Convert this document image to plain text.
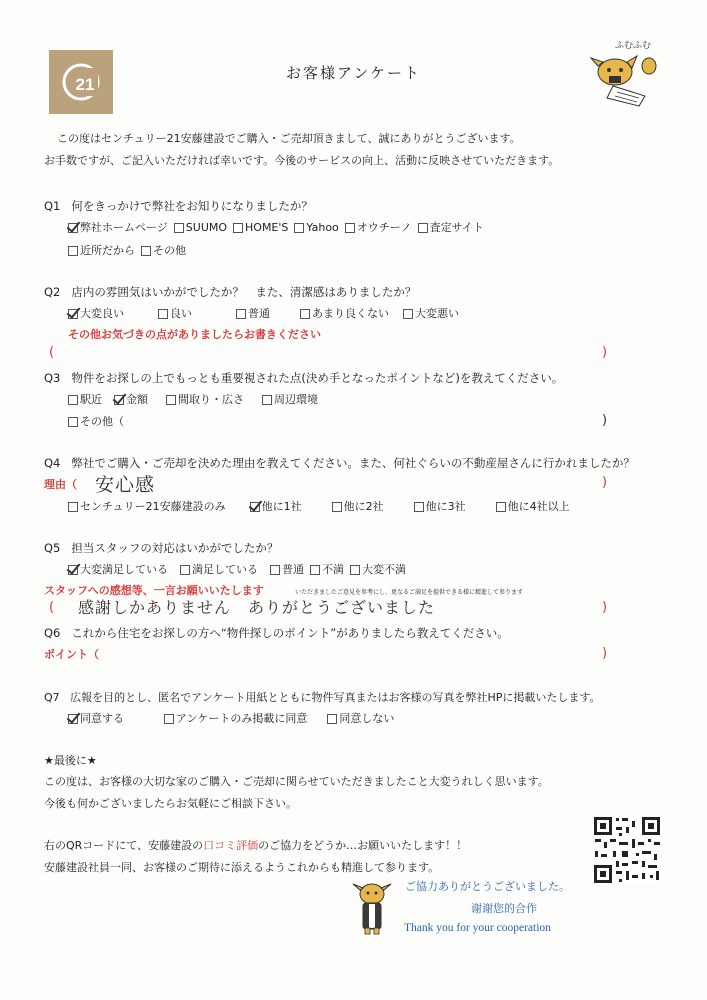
21
お客様アンケート
ふむふむ
この度はセンチュリー21安藤建設でご購入・ご売却頂きまして、誠にありがとうございます。
お手数ですが、ご記入いただければ幸いです。今後のサービスの向上、活動に反映させていただきます。
Q1 何をきっかけで弊社をお知りになりましたか？
弊社ホームページ SUUMO HOME'S Yahoo オウチーノ 査定サイト
近所だから その他
Q2 店内の雰囲気はいかがでしたか？　また、清潔感はありましたか？
大変良い	良い	普通	あまり良くない 大変悪い
その他お気づきの点がありましたらお書きください
(	)
Q3 物件をお探しの上でもっとも重要視された点(決め手となったポイントなど)を教えてください。
駅近 金額	間取り・広さ	周辺環境
その他（	)
Q4 弊社でご購入・ご売却を決めた理由を教えてください。また、何社ぐらいの不動産屋さんに行かれましたか？
理由（ 安心感	)
センチュリー21安藤建設のみ	他に1社	他に2社	他に3社	他に4社以上
Q5 担当スタッフの対応はいかがでしたか？
大変満足している 満足している 普通 不満 大変不満
スタッフへの感想等、一言お願いいたします	いただきましたご意見を参考にし、更なるご満足を提供できる様に精進して参ります
( 感謝しかありません　ありがとうございました	)
Q6 これから住宅をお探しの方へ“物件探しのポイント”がありましたら教えてください。
ポイント（	)
Q7 広報を目的とし、匿名でアンケート用紙とともに物件写真またはお客様の写真を弊社HPに掲載いたします。
同意する	アンケートのみ掲載に同意	同意しない
★最後に★
この度は、お客様の大切な家のご購入・ご売却に関らせていただきましたこと大変うれしく思います。
今後も何かございましたらお気軽にご相談下さい。
右のQRコードにて、安藤建設の口コミ評価のご協力をどうか…お願いいたします！！
安藤建設社員一同、お客様のご期待に添えるようこれからも精進して参ります。
ご協力ありがとうございました。
谢谢您的合作
Thank you for your cooperation
